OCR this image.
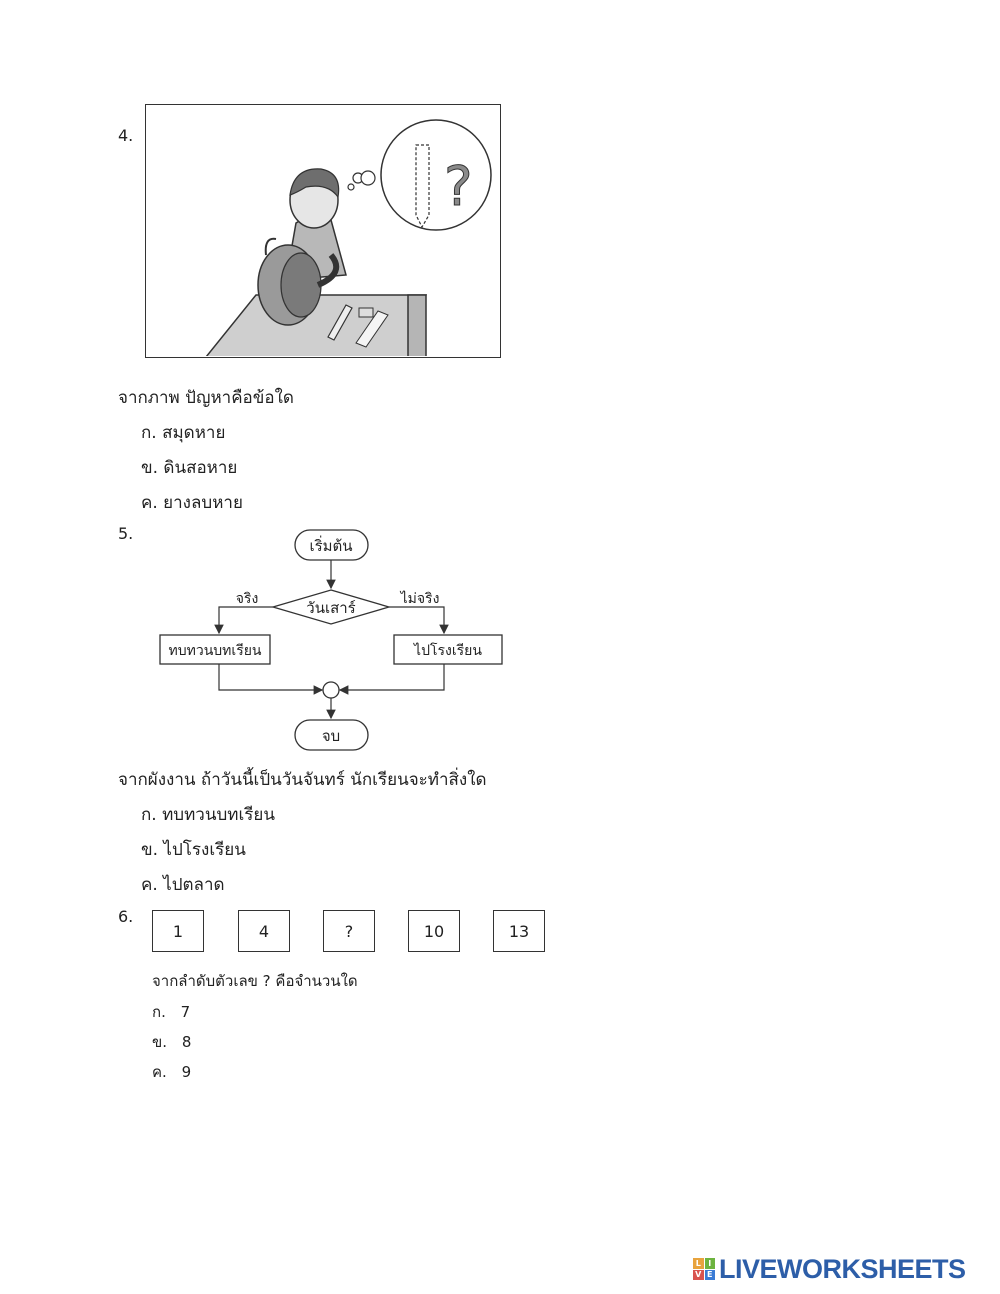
4.
?
จากภาพ ปัญหาคือข้อใด
ก. สมุดหาย
ข. ดินสอหาย
ค. ยางลบหาย
5.
เริ่มต้น
วันเสาร์
จริง	ไม่จริง
ทบทวนบทเรียน	ไปโรงเรียน
จบ
จากผังงาน ถ้าวันนี้เป็นวันจันทร์ นักเรียนจะทำสิ่งใด
ก. ทบทวนบทเรียน
ข. ไปโรงเรียน
ค. ไปตลาด
6.
1	4	?	10	13
จากลำดับตัวเลข ? คือจำนวนใด
ก. 7
ข. 8
ค. 9
L I
V E LIVEWORKSHEETS
